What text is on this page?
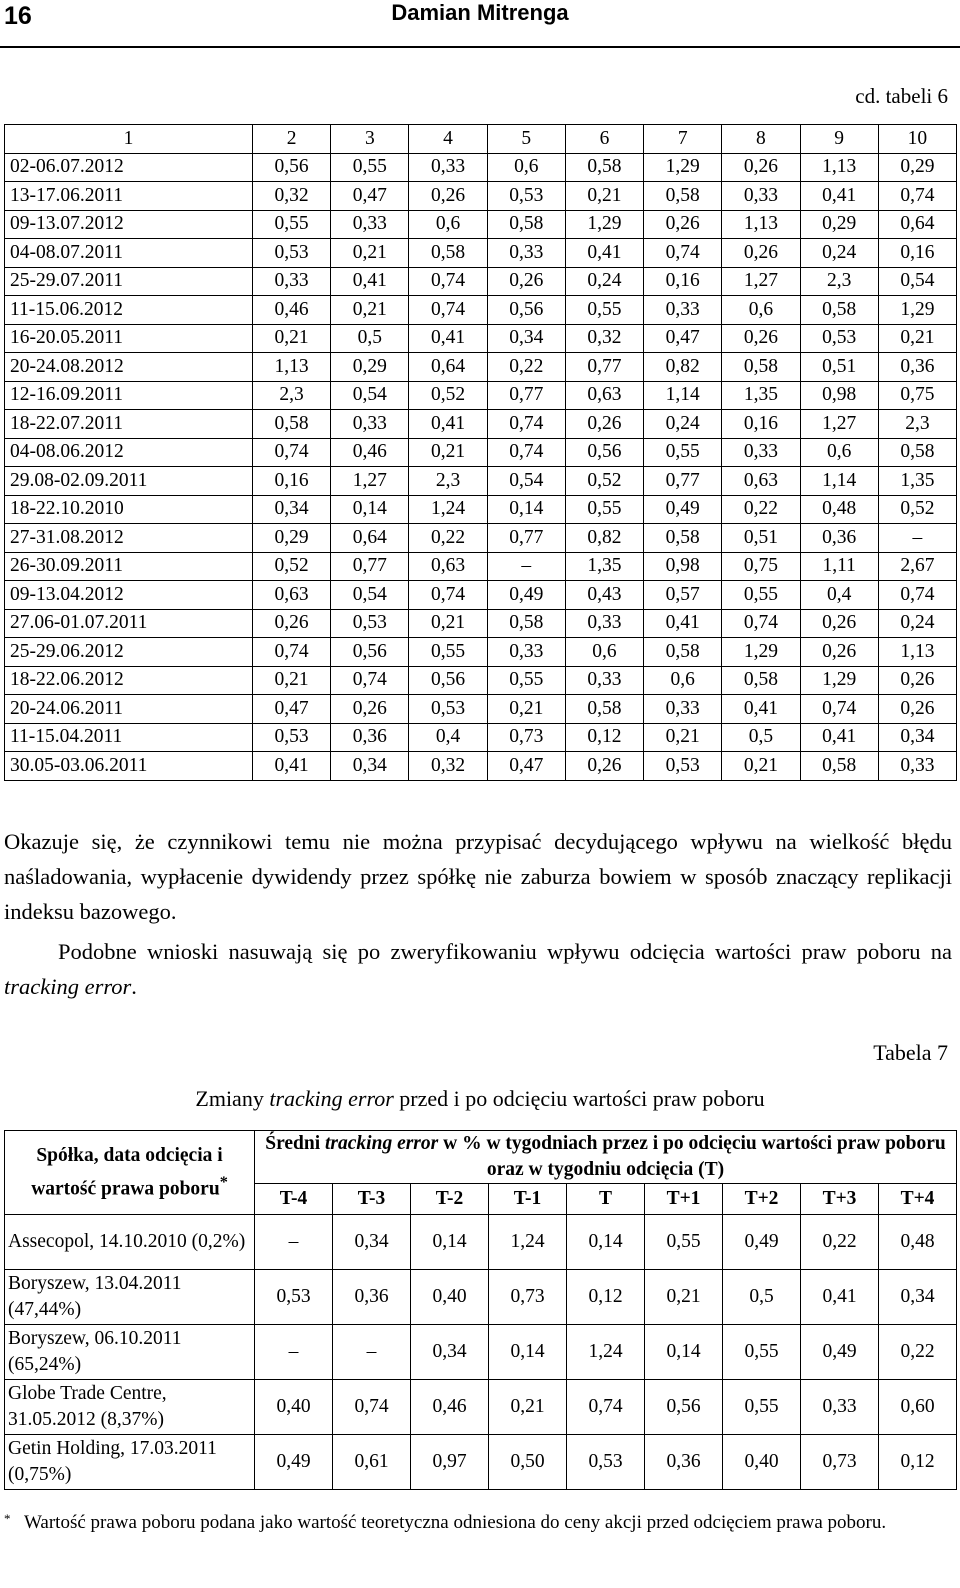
16	Damian Mitrenga
cd. tabeli 6
1	2	3	4	5	6	7	8	9	10
02-06.07.2012	0,56	0,55	0,33	0,6	0,58	1,29	0,26	1,13	0,29
13-17.06.2011	0,32	0,47	0,26	0,53	0,21	0,58	0,33	0,41	0,74
09-13.07.2012	0,55	0,33	0,6	0,58	1,29	0,26	1,13	0,29	0,64
04-08.07.2011	0,53	0,21	0,58	0,33	0,41	0,74	0,26	0,24	0,16
25-29.07.2011	0,33	0,41	0,74	0,26	0,24	0,16	1,27	2,3	0,54
11-15.06.2012	0,46	0,21	0,74	0,56	0,55	0,33	0,6	0,58	1,29
16-20.05.2011	0,21	0,5	0,41	0,34	0,32	0,47	0,26	0,53	0,21
20-24.08.2012	1,13	0,29	0,64	0,22	0,77	0,82	0,58	0,51	0,36
12-16.09.2011	2,3	0,54	0,52	0,77	0,63	1,14	1,35	0,98	0,75
18-22.07.2011	0,58	0,33	0,41	0,74	0,26	0,24	0,16	1,27	2,3
04-08.06.2012	0,74	0,46	0,21	0,74	0,56	0,55	0,33	0,6	0,58
29.08-02.09.2011	0,16	1,27	2,3	0,54	0,52	0,77	0,63	1,14	1,35
18-22.10.2010	0,34	0,14	1,24	0,14	0,55	0,49	0,22	0,48	0,52
27-31.08.2012	0,29	0,64	0,22	0,77	0,82	0,58	0,51	0,36	–
26-30.09.2011	0,52	0,77	0,63	–	1,35	0,98	0,75	1,11	2,67
09-13.04.2012	0,63	0,54	0,74	0,49	0,43	0,57	0,55	0,4	0,74
27.06-01.07.2011	0,26	0,53	0,21	0,58	0,33	0,41	0,74	0,26	0,24
25-29.06.2012	0,74	0,56	0,55	0,33	0,6	0,58	1,29	0,26	1,13
18-22.06.2012	0,21	0,74	0,56	0,55	0,33	0,6	0,58	1,29	0,26
20-24.06.2011	0,47	0,26	0,53	0,21	0,58	0,33	0,41	0,74	0,26
11-15.04.2011	0,53	0,36	0,4	0,73	0,12	0,21	0,5	0,41	0,34
30.05-03.06.2011	0,41	0,34	0,32	0,47	0,26	0,53	0,21	0,58	0,33
Okazuje się, że czynnikowi temu nie można przypisać decydującego wpływu na wielkość błędu naśladowania, wypłacenie dywidendy przez spółkę nie zaburza bowiem w sposób znaczący replikacji indeksu bazowego.
Podobne wnioski nasuwają się po zweryfikowaniu wpływu odcięcia wartości praw poboru na tracking error.
Tabela 7
Zmiany tracking error przed i po odcięciu wartości praw poboru
Spółka, data odcięcia i wartość prawa poboru*	Średni tracking error w % w tygodniach przez i po odcięciu wartości praw poboru oraz w tygodniu odcięcia (T)								
	T-4	T-3	T-2	T-1	T	T+1	T+2	T+3	T+4
Assecopol, 14.10.2010 (0,2%)	–	0,34	0,14	1,24	0,14	0,55	0,49	0,22	0,48
Boryszew, 13.04.2011 (47,44%)	0,53	0,36	0,40	0,73	0,12	0,21	0,5	0,41	0,34
Boryszew, 06.10.2011 (65,24%)	–	–	0,34	0,14	1,24	0,14	0,55	0,49	0,22
Globe Trade Centre, 31.05.2012 (8,37%)	0,40	0,74	0,46	0,21	0,74	0,56	0,55	0,33	0,60
Getin Holding, 17.03.2011 (0,75%)	0,49	0,61	0,97	0,50	0,53	0,36	0,40	0,73	0,12
* Wartość prawa poboru podana jako wartość teoretyczna odniesiona do ceny akcji przed odcięciem prawa poboru.
